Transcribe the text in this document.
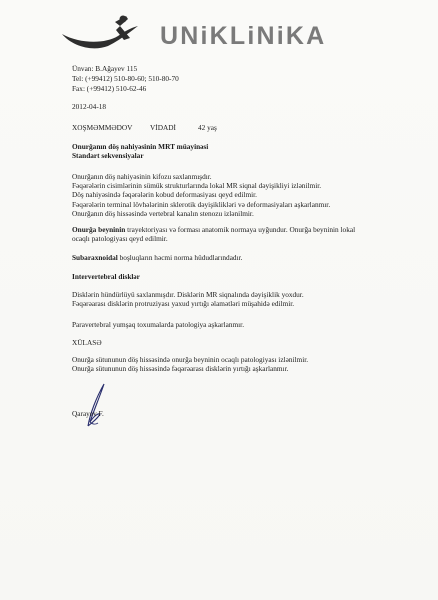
UNiKLiNiKA
Ünvan: B.Ağayev 115
Tel: (+99412) 510-80-60; 510-80-70
Fax: (+99412) 510-62-46
2012-04-18
XOŞMƏMMƏDOV VİDADİ	42 yaş
Onurğanın döş nahiyəsinin MRT müayinəsi
Standart sekvensiyalar
Onurğanın döş nahiyəsinin kifozu saxlanmışdır.
Fəqərələrin cisimlərinin sümük strukturlarında lokal MR siqnal dəyişikliyi izlənilmir.
Döş nahiyəsində fəqərələrin kobud deformasiyası qeyd edilmir.
Fəqərələrin terminal lövhələrinin sklerotik dəyişiklikləri və deformasiyaları aşkarlanmır.
Onurğanın döş hissəsində vertebral kanalın stenozu izlənilmir.
Onurğa beyninin trayektoriyası və forması anatomik normaya uyğundur. Onurğa beyninin lokal
ocaqlı patologiyası qeyd edilmir.
Subaraxnoidal boşluqların həcmi norma hüdudlarındadır.
Intervertebral disklər
Disklərin hündürlüyü saxlanmışdır. Disklərin MR siqnalında dəyişiklik yoxdur.
Fəqərəarası disklərin protruziyası yaxud yırtığı əlamətləri müşahidə edilmir.
Paravertebral yumşaq toxumalarda patologiya aşkarlanmır.
XÜLASƏ
Onurğa sütununun döş hissəsində onurğa beyninin ocaqlı patologiyası izlənilmir.
Onurğa sütununun döş hissəsində fəqərəarası disklərin yırtığı aşkarlanmır.
Qarayev F.
